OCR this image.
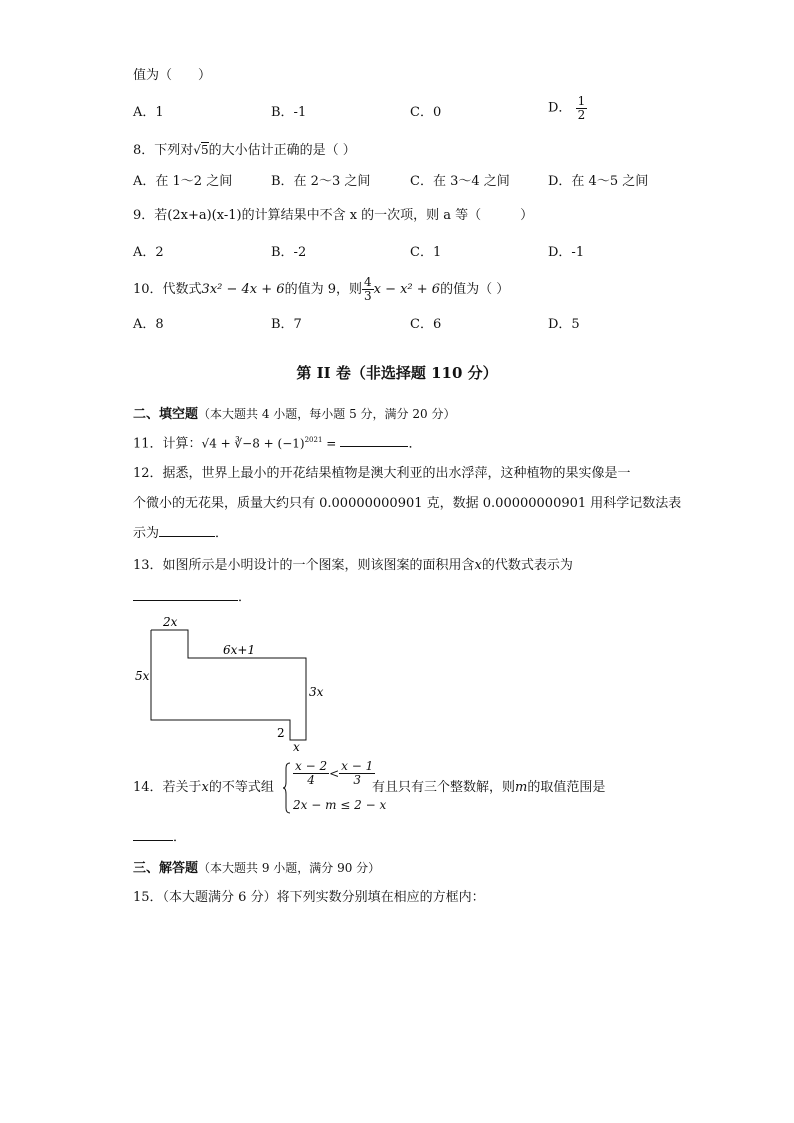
值为（　　）
A．1	B．-1	C．0	D． $\frac{1}{2}$
8．下列对√5的大小估计正确的是（ ）
A．在 1～2 之间	B．在 2～3 之间	C．在 3～4 之间	D．在 4～5 之间
9．若(2x+a)(x-1)的计算结果中不含 x 的一次项，则 a 等（　　　）
A．2	B．-2	C．1	D．-1
10．代数式3x² − 4x + 6的值为 9，则 $\frac{4}{3}$ x − x² + 6的值为（ ）
A．8	B．7	C．6	D．5
第 II 卷（非选择题 110 分）
二、填空题（本大题共 4 小题，每小题 5 分，满分 20 分）
11．计算：√4 + ∛−8 + $(-1)^{2021}$ =	．
12．据悉，世界上最小的开花结果植物是澳大利亚的出水浮萍，这种植物的果实像是一
个微小的无花果，质量大约只有 0.00000000901 克，数据 0.00000000901 用科学记数法表
示为	．
13．如图所示是小明设计的一个图案，则该图案的面积用含x的代数式表示为
．
2x
6x+1
5x
3x
2
x
14．若关于x的不等式组
$\frac{x - 2}{4} < \frac{x - 1}{3}$
2x − m ≤ 2 − x
有且只有三个整数解，则m的取值范围是
．
三、解答题（本大题共 9 小题，满分 90 分）
15．（本大题满分 6 分）将下列实数分别填在相应的方框内：
